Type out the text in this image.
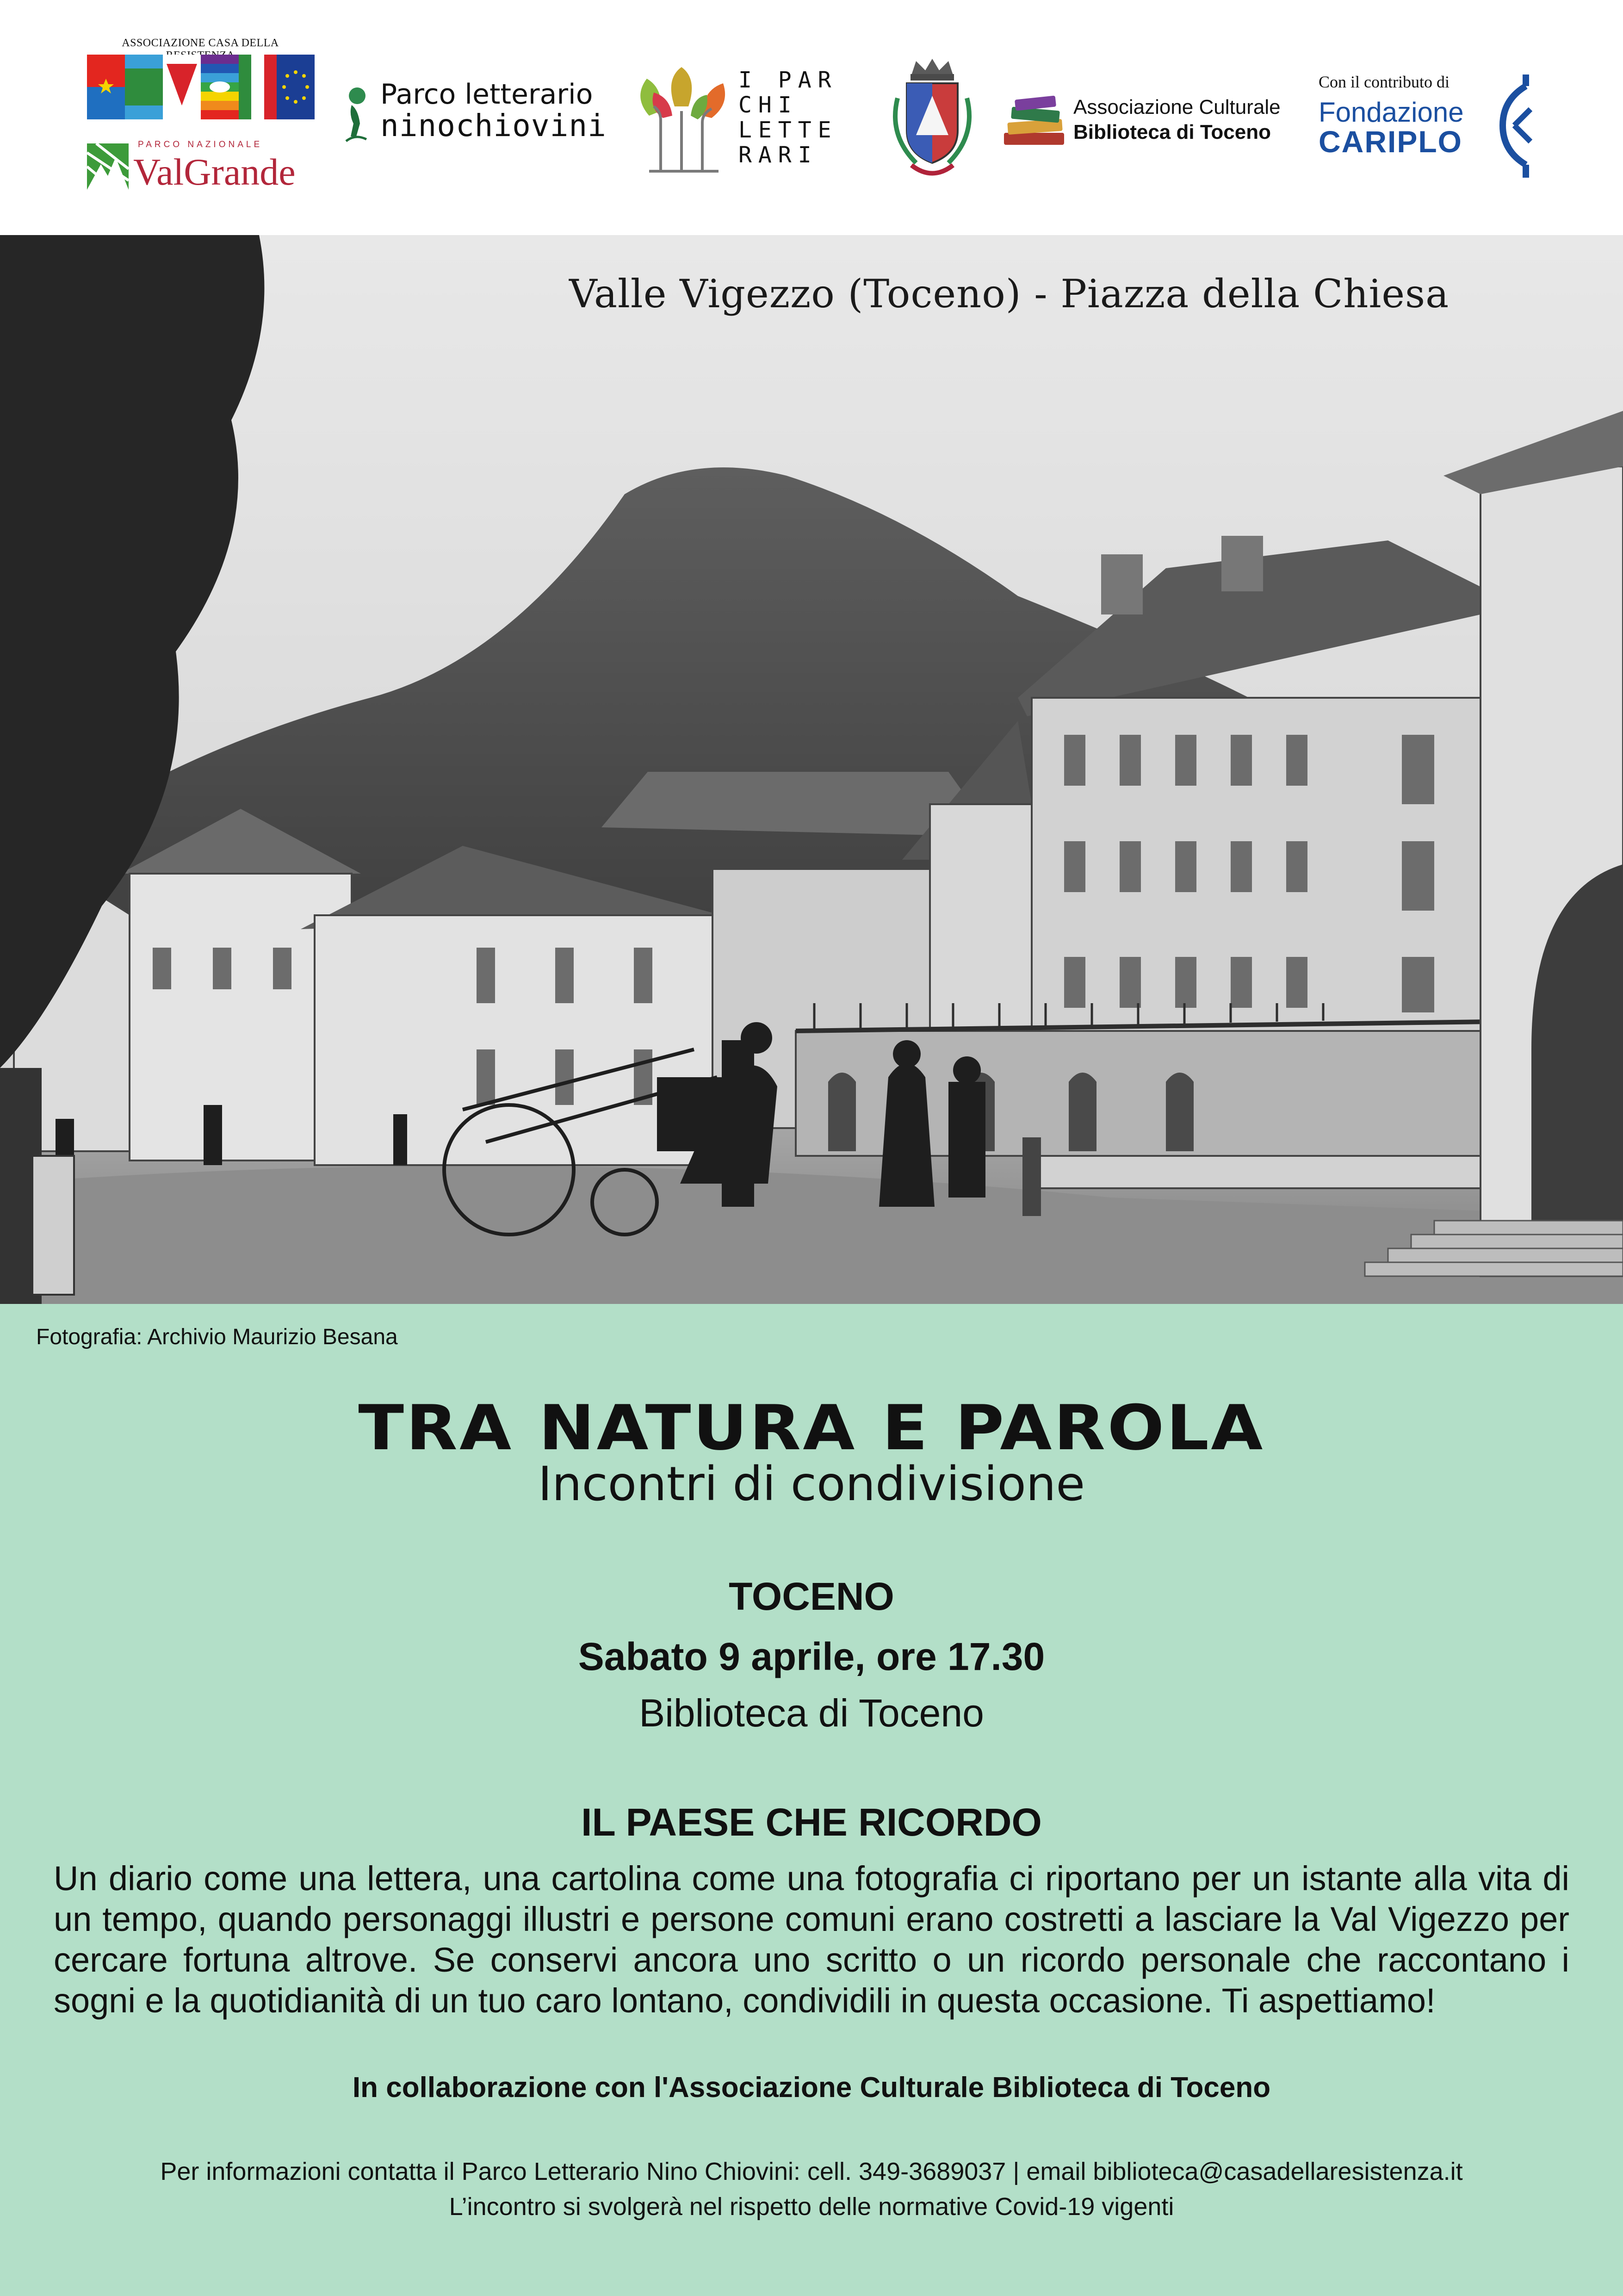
ASSOCIAZIONE CASA DELLA
PARCO NAZIONALE
ValGrande
Parco letterario
ninochiovini
I PAR CHI LETTE RARI
Associazione Culturale
Biblioteca di Toceno
Con il contributo di
Fondazione
CARIPLO
Valle Vigezzo (Toceno) - Piazza della Chiesa
Fotografia: Archivio Maurizio Besana
TRA NATURA E PAROLA
Incontri di condivisione
TOCENO
Sabato 9 aprile, ore 17.30
Biblioteca di Toceno
IL PAESE CHE RICORDO
Un diario come una lettera, una cartolina come una fotografia ci riportano per un istante alla vita di un tempo, quando personaggi illustri e persone comuni erano costretti a lasciare la Val Vigezzo per cercare fortuna altrove. Se conservi ancora uno scritto o un ricordo personale che raccontano i sogni e la quotidianità di un tuo caro lontano, condividili in questa occasione. Ti aspettiamo!
In collaborazione con l'Associazione Culturale Biblioteca di Toceno
Per informazioni contatta il Parco Letterario Nino Chiovini: cell. 349-3689037 | email biblioteca@casadellaresistenza.it
L’incontro si svolgerà nel rispetto delle normative Covid-19 vigenti
